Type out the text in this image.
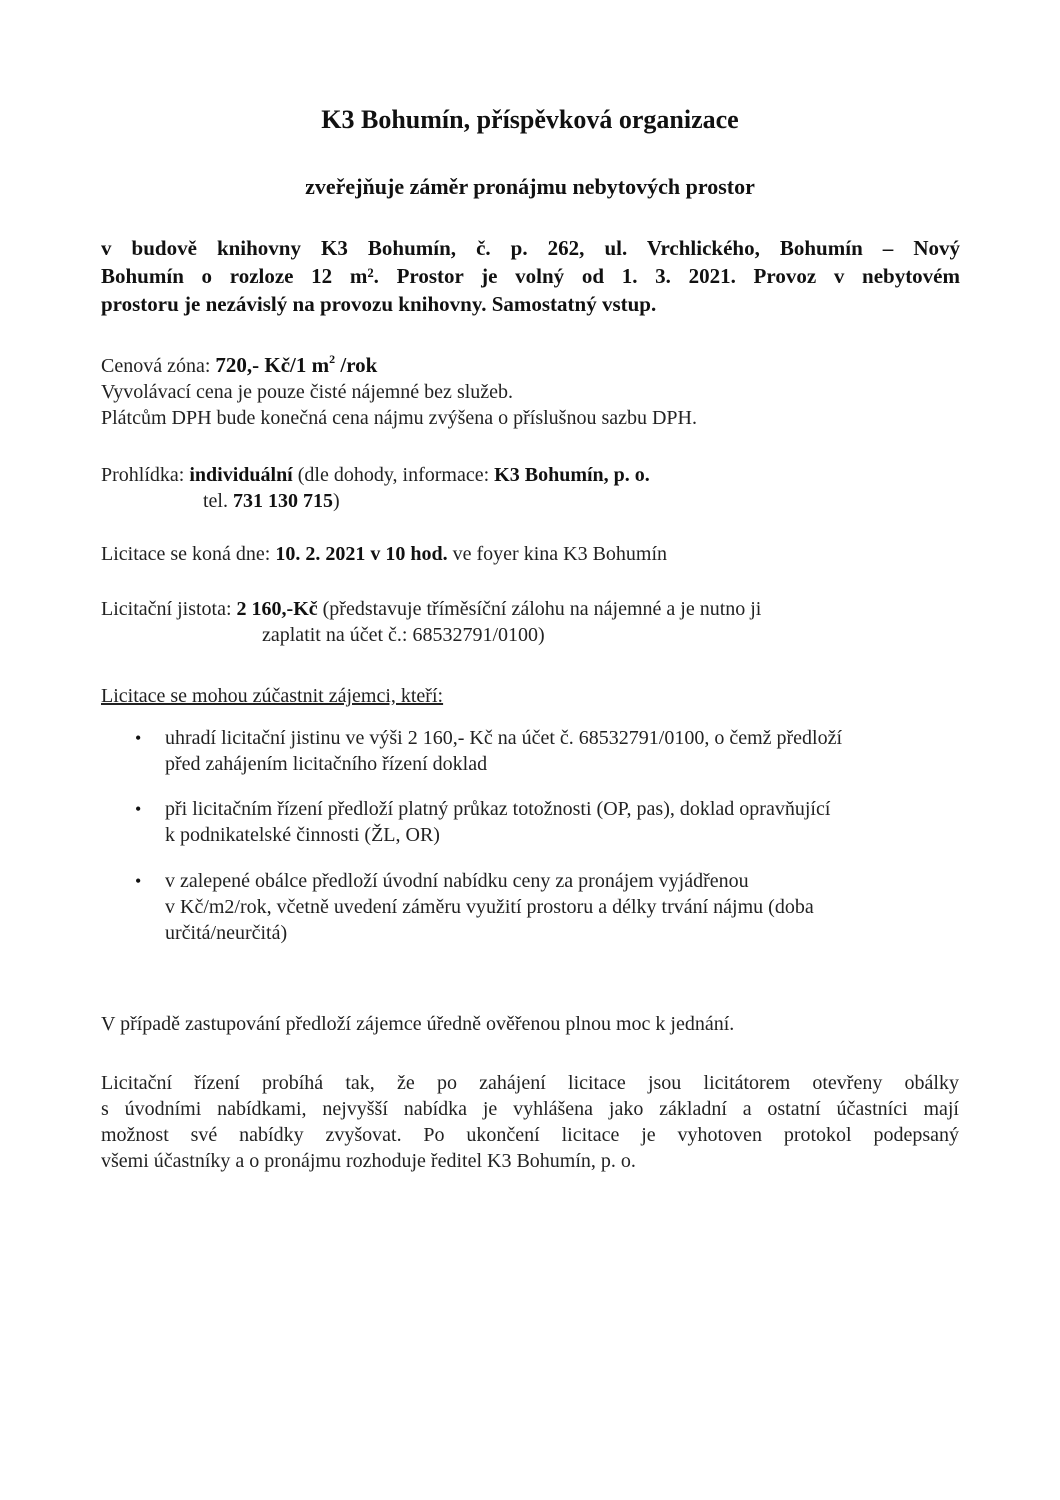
K3 Bohumín, příspěvková organizace
zveřejňuje záměr pronájmu nebytových prostor
v budově knihovny K3 Bohumín, č. p. 262, ul. Vrchlického, Bohumín – Nový
Bohumín o rozloze 12 m². Prostor je volný od 1. 3. 2021. Provoz v nebytovém
prostoru je nezávislý na provozu knihovny. Samostatný vstup.
Cenová zóna: 720,- Kč/1 $m^2$ /rok
Vyvolávací cena je pouze čisté nájemné bez služeb.
Plátcům DPH bude konečná cena nájmu zvýšena o příslušnou sazbu DPH.
Prohlídka: individuální (dle dohody, informace: K3 Bohumín, p. o.
tel. 731 130 715)
Licitace se koná dne: 10. 2. 2021 v 10 hod. ve foyer kina K3 Bohumín
Licitační jistota: 2 160,-Kč (představuje tříměsíční zálohu na nájemné a je nutno ji
zaplatit na účet č.: 68532791/0100)
Licitace se mohou zúčastnit zájemci, kteří:
• uhradí licitační jistinu ve výši 2 160,- Kč na účet č. 68532791/0100, o čemž předloží
před zahájením licitačního řízení doklad
• při licitačním řízení předloží platný průkaz totožnosti (OP, pas), doklad opravňující
k podnikatelské činnosti (ŽL, OR)
• v zalepené obálce předloží úvodní nabídku ceny za pronájem vyjádřenou
v Kč/m2/rok, včetně uvedení záměru využití prostoru a délky trvání nájmu (doba
určitá/neurčitá)
V případě zastupování předloží zájemce úředně ověřenou plnou moc k jednání.
Licitační řízení probíhá tak, že po zahájení licitace jsou licitátorem otevřeny obálky
s úvodními nabídkami, nejvyšší nabídka je vyhlášena jako základní a ostatní účastníci mají
možnost své nabídky zvyšovat. Po ukončení licitace je vyhotoven protokol podepsaný
všemi účastníky a o pronájmu rozhoduje ředitel K3 Bohumín, p. o.
